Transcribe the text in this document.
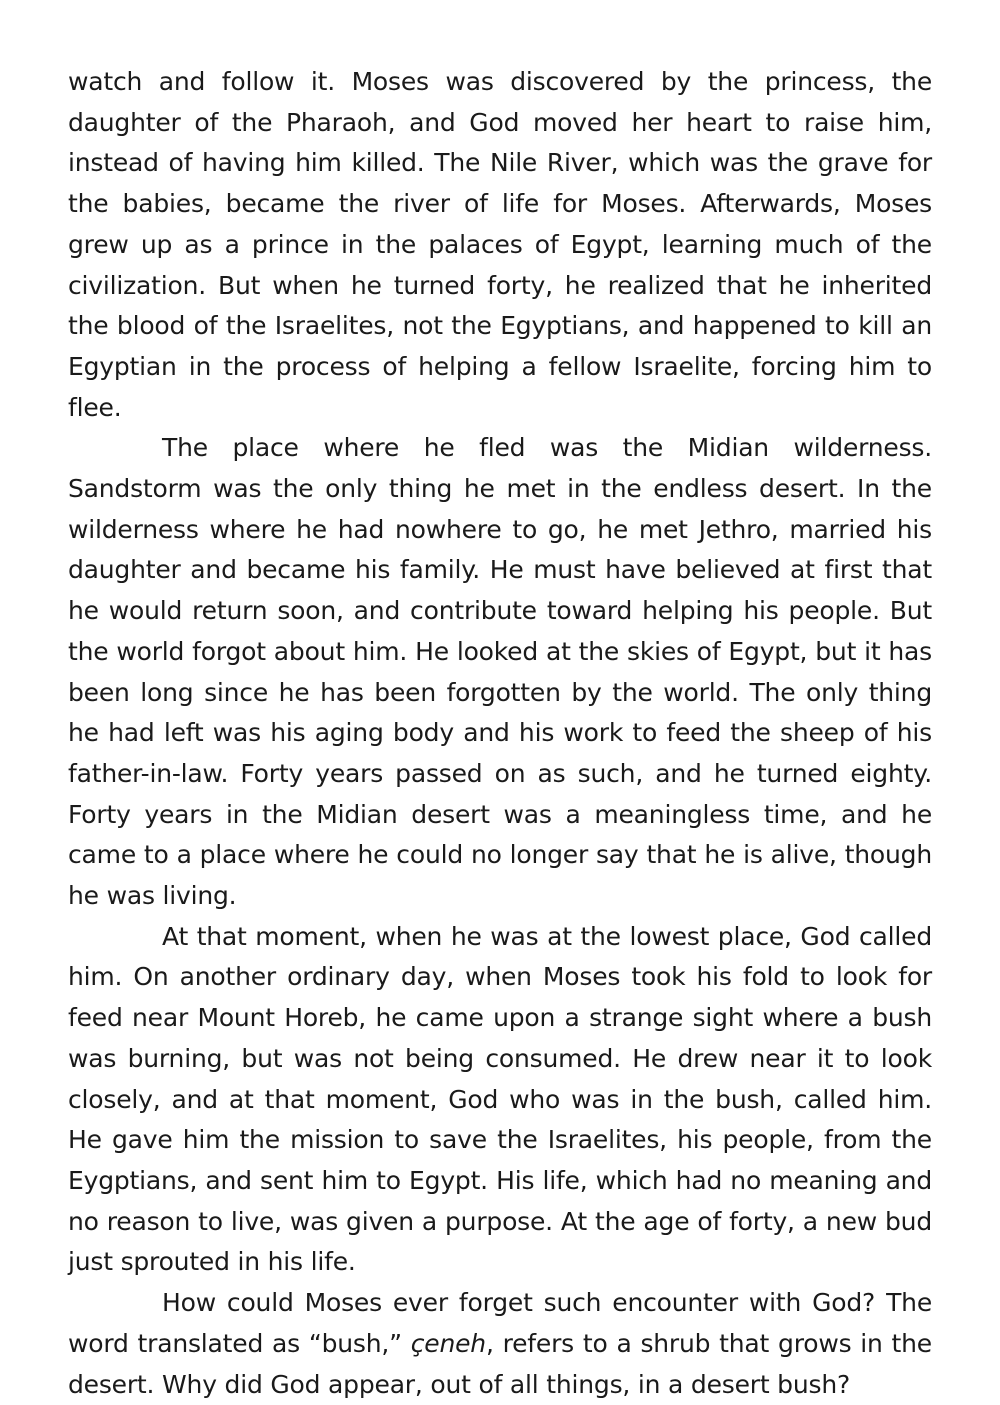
watch and follow it. Moses was discovered by the princess, the daughter of the Pharaoh, and God moved her heart to raise him, instead of having him killed. The Nile River, which was the grave for the babies, became the river of life for Moses. Afterwards, Moses grew up as a prince in the palaces of Egypt, learning much of the civilization. But when he turned forty, he realized that he inherited the blood of the Israelites, not the Egyptians, and happened to kill an Egyptian in the process of helping a fellow Israelite, forcing him to flee.

The place where he fled was the Midian wilderness. Sandstorm was the only thing he met in the endless desert. In the wilderness where he had nowhere to go, he met Jethro, married his daughter and became his family. He must have believed at first that he would return soon, and contribute toward helping his people. But the world forgot about him. He looked at the skies of Egypt, but it has been long since he has been forgotten by the world. The only thing he had left was his aging body and his work to feed the sheep of his father-in-law. Forty years passed on as such, and he turned eighty. Forty years in the Midian desert was a meaningless time, and he came to a place where he could no longer say that he is alive, though he was living.

At that moment, when he was at the lowest place, God called him. On another ordinary day, when Moses took his fold to look for feed near Mount Horeb, he came upon a strange sight where a bush was burning, but was not being consumed. He drew near it to look closely, and at that moment, God who was in the bush, called him. He gave him the mission to save the Israelites, his people, from the Eygptians, and sent him to Egypt. His life, which had no meaning and no reason to live, was given a purpose. At the age of forty, a new bud just sprouted in his life.

How could Moses ever forget such encounter with God? The word translated as “bush,” çeneh, refers to a shrub that grows in the desert. Why did God appear, out of all things, in a desert bush?
